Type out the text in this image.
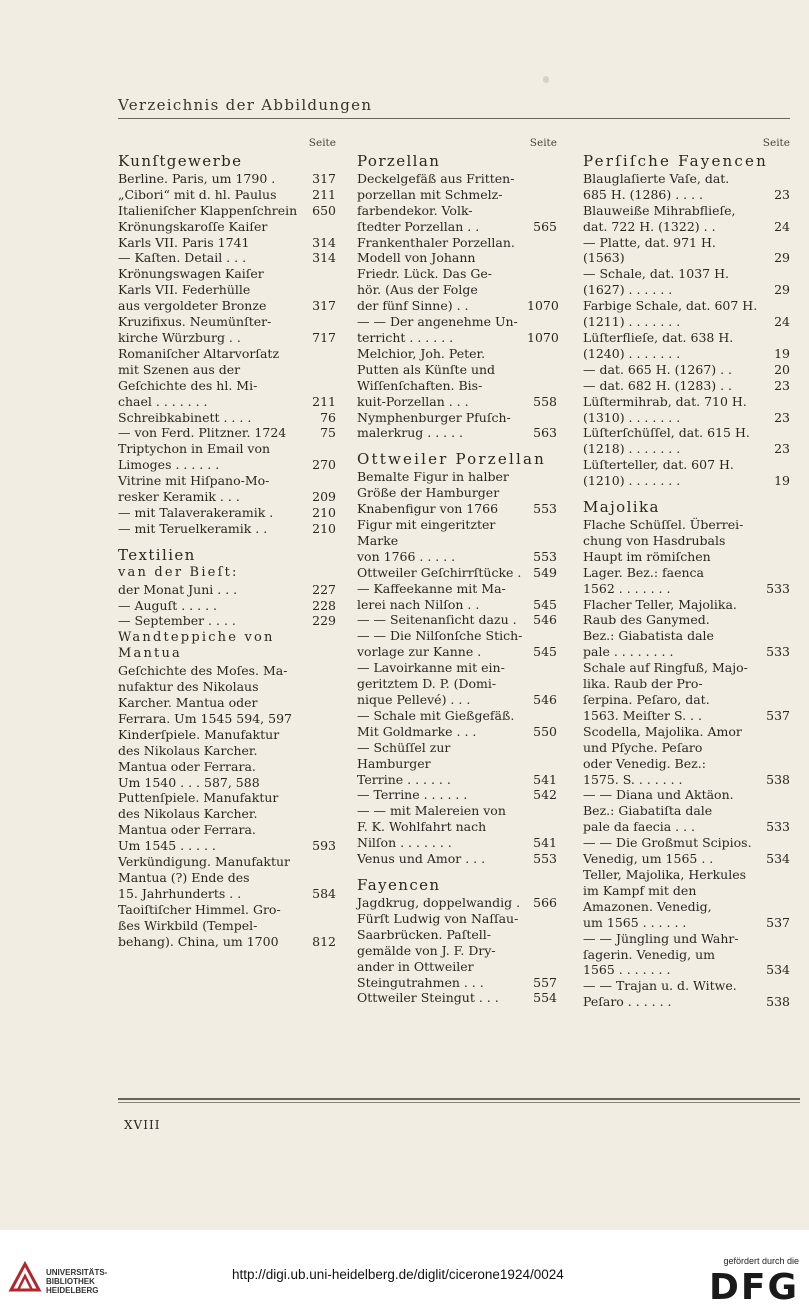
Verzeichnis der Abbildungen
Seite
Kunſtgewerbe
Berline. Paris, um 1790 .	317
„Cibori“ mit d. hl. Paulus	211
Italieniſcher Klappenſchrein	650
Krönungskaroſſe Kaiſer
Karls VII. Paris 1741	314
— Kaſten. Detail . . .	314
Krönungswagen Kaiſer
Karls VII. Federhülle
aus vergoldeter Bronze	317
Kruzifixus. Neumünſter-
kirche Würzburg . .	717
Romaniſcher Altarvorſatz
mit Szenen aus der
Geſchichte des hl. Mi-
chael . . . . . . .	211
Schreibkabinett . . . .	76
— von Ferd. Plitzner. 1724	75
Triptychon in Email von
Limoges . . . . . .	270
Vitrine mit Hiſpano-Mo-
resker Keramik . . .	209
— mit Talaverakeramik .	210
— mit Teruelkeramik . .	210
Textilien
van der Bieſt:
der Monat Juni . . .	227
— Auguſt . . . . .	228
— September . . . .	229
Wandteppiche von
Mantua
Geſchichte des Moſes. Ma-
nufaktur des Nikolaus
Karcher. Mantua oder
Ferrara. Um 1545 594, 597
Kinderſpiele. Manufaktur
des Nikolaus Karcher.
Mantua oder Ferrara.
Um 1540 . . . 587, 588
Puttenſpiele. Manufaktur
des Nikolaus Karcher.
Mantua oder Ferrara.
Um 1545 . . . . .	593
Verkündigung. Manufaktur
Mantua (?) Ende des
15. Jahrhunderts . .	584
Taoiſtiſcher Himmel. Gro-
ßes Wirkbild (Tempel-
behang). China, um 1700	812
Seite
Porzellan
Deckelgefäß aus Fritten-
porzellan mit Schmelz-
farbendekor. Volk-
ſtedter Porzellan . .	565
Frankenthaler Porzellan.
Modell von Johann
Friedr. Lück. Das Ge-
hör. (Aus der Folge
der fünf Sinne) . .	1070
— — Der angenehme Un-
terricht . . . . . .	1070
Melchior, Joh. Peter.
Putten als Künſte und
Wiſſenſchaften. Bis-
kuit-Porzellan . . .	558
Nymphenburger Pfuſch-
malerkrug . . . . .	563
Ottweiler Porzellan
Bemalte Figur in halber
Größe der Hamburger
Knabenfigur von 1766	553
Figur mit eingeritzter Marke
von 1766 . . . . .	553
Ottweiler Geſchirrſtücke . 549
— Kaffeekanne mit Ma-
lerei nach Nilſon . .	545
— — Seitenanſicht dazu .	546
— — Die Nilſonſche Stich-
vorlage zur Kanne .	545
— Lavoirkanne mit ein-
geritztem D. P. (Domi-
nique Pellevé) . . .	546
— Schale mit Gießgefäß.
Mit Goldmarke . . .	550
— Schüſſel zur Hamburger
Terrine . . . . . .	541
— Terrine . . . . . .	542
— — mit Malereien von
F. K. Wohlfahrt nach
Nilſon . . . . . . .	541
Venus und Amor . . .	553
Fayencen
Jagdkrug, doppelwandig .	566
Fürſt Ludwig von Naſſau-
Saarbrücken. Paſtell-
gemälde von J. F. Dry-
ander in Ottweiler
Steingutrahmen . . .	557
Ottweiler Steingut . . .	554
Seite
Perſiſche Fayencen
Blauglaſierte Vaſe, dat.
685 H. (1286) . . . .	23
Blauweiße Mihrabflieſe,
dat. 722 H. (1322) . .	24
— Platte, dat. 971 H. (1563)	29
— Schale, dat. 1037 H.
(1627) . . . . . .	29
Farbige Schale, dat. 607 H.
(1211) . . . . . . .	24
Lüſterflieſe, dat. 638 H.
(1240) . . . . . . .	19
— dat. 665 H. (1267) . .	20
— dat. 682 H. (1283) . .	23
Lüſtermihrab, dat. 710 H.
(1310) . . . . . . .	23
Lüſterſchüſſel, dat. 615 H.
(1218) . . . . . . .	23
Lüſterteller, dat. 607 H.
(1210) . . . . . . .	19
Majolika
Flache Schüſſel. Überrei-
chung von Hasdrubals
Haupt im römiſchen
Lager. Bez.: faenca
1562 . . . . . . .	533
Flacher Teller, Majolika.
Raub des Ganymed.
Bez.: Giabatista dale
pale . . . . . . . .	533
Schale auf Ringfuß, Majo-
lika. Raub der Pro-
ſerpina. Peſaro, dat.
1563. Meiſter S. . .	537
Scodella, Majolika. Amor
und Pſyche. Peſaro
oder Venedig. Bez.:
1575. S. . . . . . .	538
— — Diana und Aktäon.
Bez.: Giabatiſta dale
pale da faecia . . .	533
— — Die Großmut Scipios.
Venedig, um 1565 . .	534
Teller, Majolika, Herkules
im Kampf mit den
Amazonen. Venedig,
um 1565 . . . . . .	537
— — Jüngling und Wahr-
ſagerin. Venedig, um
1565 . . . . . . .	534
— — Trajan u. d. Witwe.
Peſaro . . . . . .	538
XVIII
UNIVERSITÄTS-
BIBLIOTHEK
HEIDELBERG
http://digi.ub.uni-heidelberg.de/diglit/cicerone1924/0024
gefördert durch die
DFG
